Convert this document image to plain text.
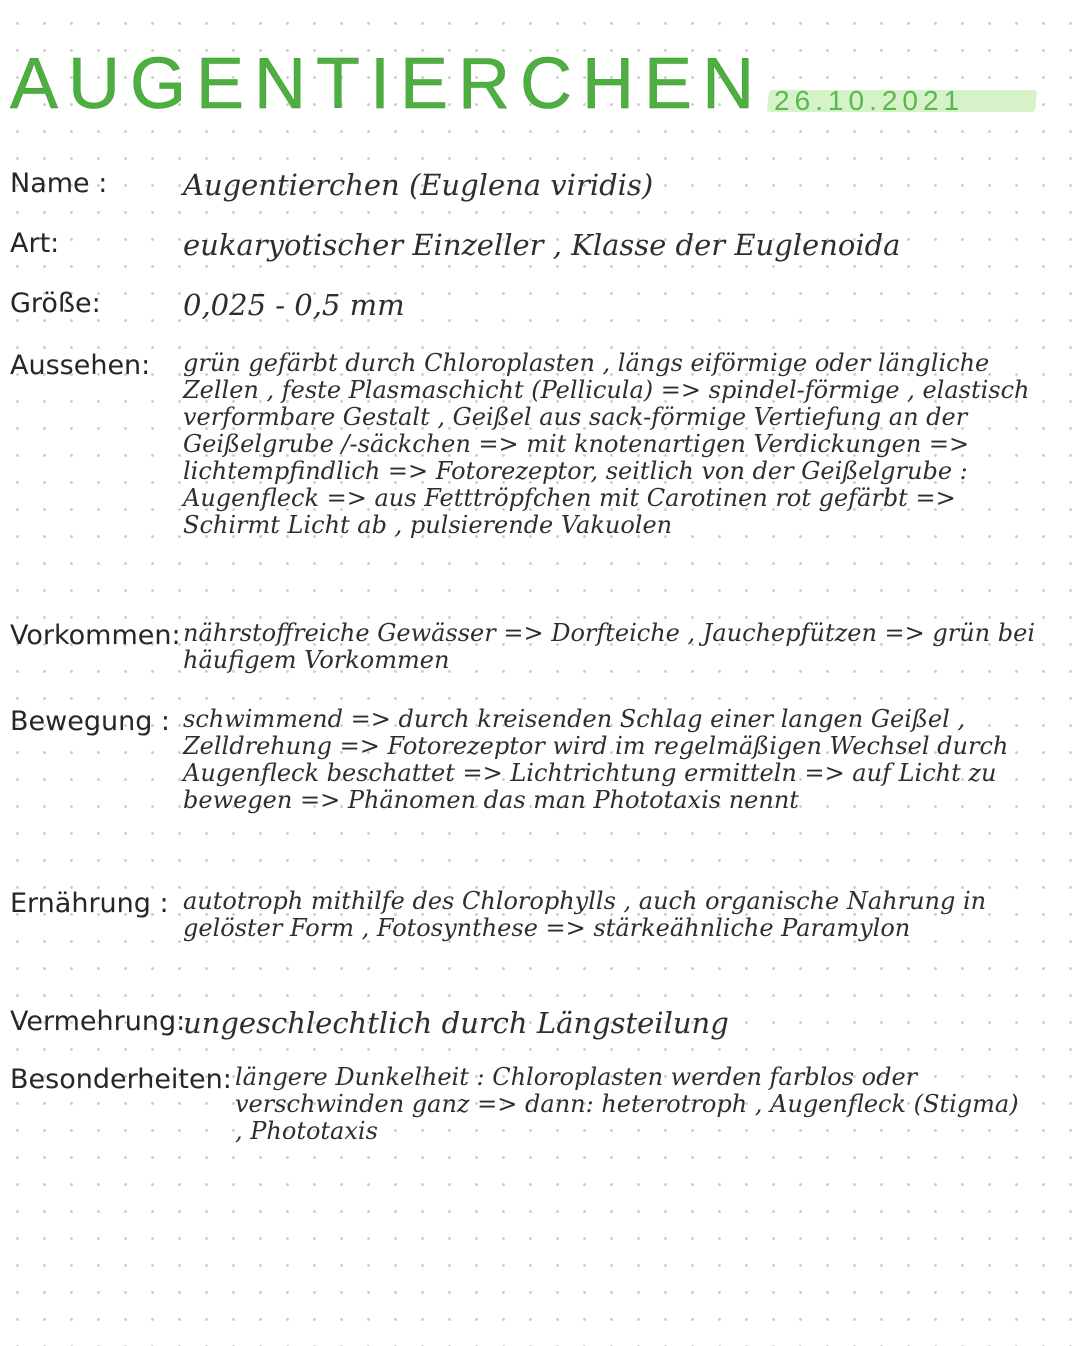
AUGENTIERCHEN 26.10.2021
Name :	Augentierchen (Euglena viridis)
Art:	eukaryotischer Einzeller , Klasse der Euglenoida
Größe:	0,025 - 0,5 mm
Aussehen: grün gefärbt durch Chloroplasten , längs eiförmige oder längliche Zellen , feste Plasmaschicht (Pellicula) => spindel-förmige , elastisch verformbare Gestalt , Geißel aus sack-förmige Vertiefung an der Geißelgrube /-säckchen => mit knotenartigen Verdickungen => lichtempfindlich => Fotorezeptor, seitlich von der Geißelgrube : Augenfleck => aus Fetttröpfchen mit Carotinen rot gefärbt => Schirmt Licht ab , pulsierende Vakuolen
Vorkommen: nährstoffreiche Gewässer => Dorfteiche , Jauchepfützen => grün bei häufigem Vorkommen
Bewegung : schwimmend => durch kreisenden Schlag einer langen Geißel , Zelldrehung => Fotorezeptor wird im regelmäßigen Wechsel durch Augenfleck beschattet => Lichtrichtung ermitteln => auf Licht zu bewegen => Phänomen das man Phototaxis nennt
Ernährung : autotroph mithilfe des Chlorophylls , auch organische Nahrung in gelöster Form , Fotosynthese => stärkeähnliche Paramylon
Vermehrung:
ungeschlechtlich durch Längsteilung
Besonderheiten: längere Dunkelheit : Chloroplasten werden farblos oder verschwinden ganz => dann: heterotroph , Augenfleck (Stigma) , Phototaxis
